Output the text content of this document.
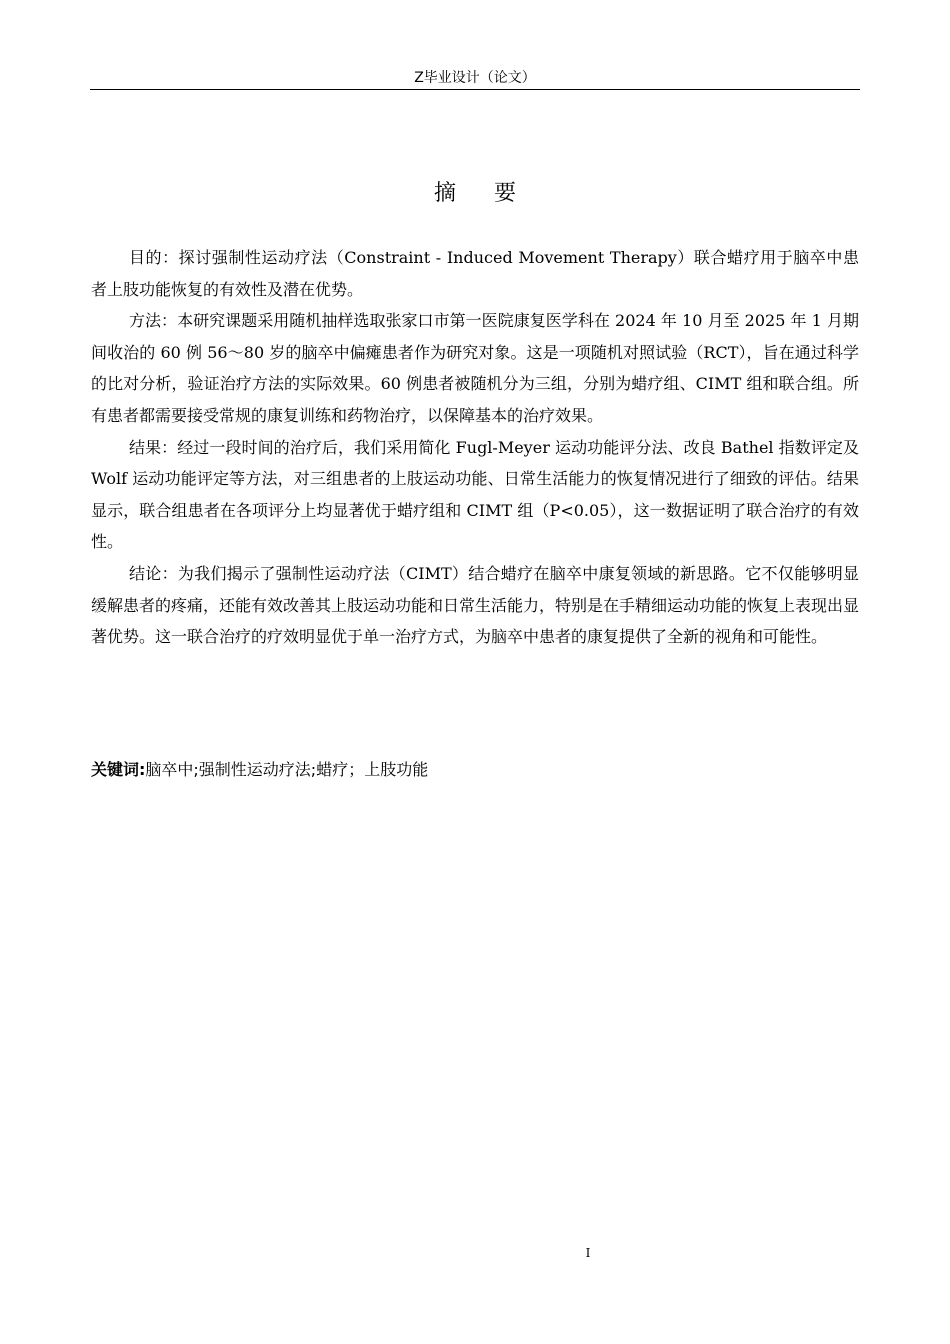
Z毕业设计（论文）
摘要

目的：探讨强制性运动疗法（Constraint - Induced Movement Therapy）联合蜡疗用于脑卒中患者上肢功能恢复的有效性及潜在优势。

方法：本研究课题采用随机抽样选取张家口市第一医院康复医学科在 2024 年 10 月至 2025 年 1 月期间收治的 60 例 56～80 岁的脑卒中偏瘫患者作为研究对象。这是一项随机对照试验（RCT），旨在通过科学的比对分析，验证治疗方法的实际效果。60 例患者被随机分为三组，分别为蜡疗组、CIMT 组和联合组。所有患者都需要接受常规的康复训练和药物治疗，以保障基本的治疗效果。

结果：经过一段时间的治疗后，我们采用简化 Fugl-Meyer 运动功能评分法、改良 Bathel 指数评定及 Wolf 运动功能评定等方法，对三组患者的上肢运动功能、日常生活能力的恢复情况进行了细致的评估。结果显示，联合组患者在各项评分上均显著优于蜡疗组和 CIMT 组（P<0.05），这一数据证明了联合治疗的有效性。

结论：为我们揭示了强制性运动疗法（CIMT）结合蜡疗在脑卒中康复领域的新思路。它不仅能够明显缓解患者的疼痛，还能有效改善其上肢运动功能和日常生活能力，特别是在手精细运动功能的恢复上表现出显著优势。这一联合治疗的疗效明显优于单一治疗方式，为脑卒中患者的康复提供了全新的视角和可能性。

关键词:脑卒中;强制性运动疗法;蜡疗；上肢功能
I
